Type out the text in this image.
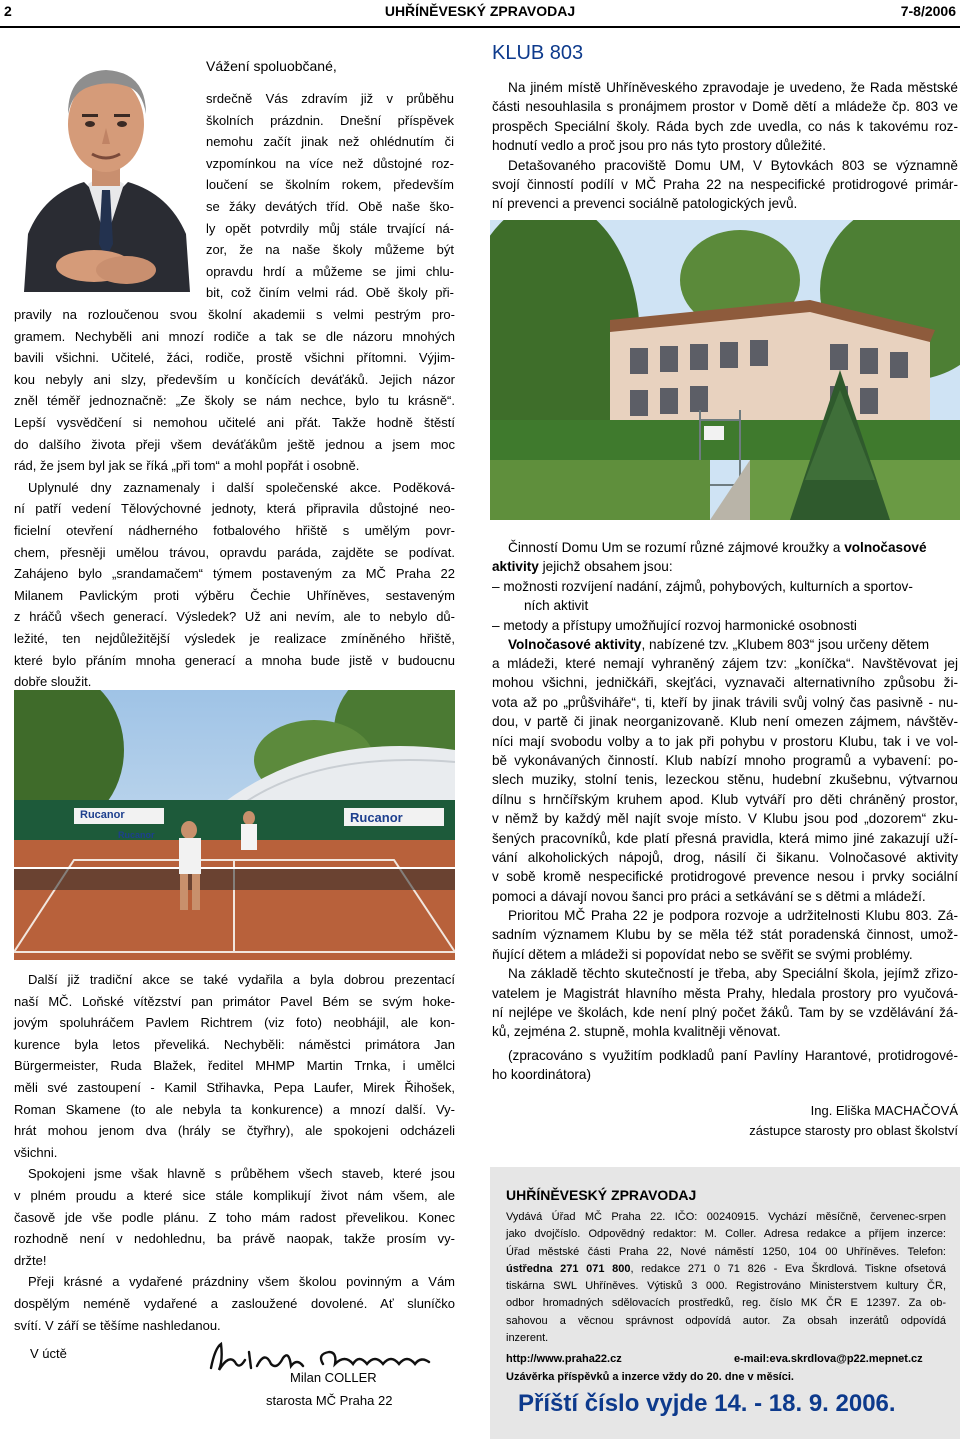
2	UHŘÍNĚVESKÝ ZPRAVODAJ	7-8/2006
Vážení spoluobčané,
srdečně Vás zdravím již v průběhu
školních prázdnin. Dnešní příspěvek
nemohu začít jinak než ohlédnutím či
vzpomínkou na více než důstojné roz-
loučení se školním rokem, především
se žáky devátých tříd. Obě naše ško-
ly opět potvrdily můj stále trvající ná-
zor, že na naše školy můžeme být
opravdu hrdí a můžeme se jimi chlu-
bit, což činím velmi rád. Obě školy při-
pravily na rozloučenou svou školní akademii s velmi pestrým pro-
gramem. Nechyběli ani mnozí rodiče a tak se dle názoru mnohých
bavili všichni. Učitelé, žáci, rodiče, prostě všichni přítomni. Výjim-
kou nebyly ani slzy, především u končících deváťáků. Jejich názor
zněl téměř jednoznačně: „Ze školy se nám nechce, bylo tu krásně“.
Lepší vysvědčení si nemohou učitelé ani přát. Takže hodně štěstí
do dalšího života přeji všem deváťákům ještě jednou a jsem moc
rád, že jsem byl jak se říká „při tom“ a mohl popřát i osobně.
Uplynulé dny zaznamenaly i další společenské akce. Poděková-
ní patří vedení Tělovýchovné jednoty, která připravila důstojné neo-
ficielní otevření nádherného fotbalového hřiště s umělým povr-
chem, přesněji umělou trávou, opravdu paráda, zajděte se podívat.
Zahájeno bylo „srandamačem“ týmem postaveným za MČ Praha 22
Milanem Pavlickým proti výběru Čechie Uhříněves, sestaveným
z hráčů všech generací. Výsledek? Už ani nevím, ale to nebylo dů-
ležité, ten nejdůležitější výsledek je realizace zmíněného hřiště,
které bylo přáním mnoha generací a mnoha bude jistě v budoucnu
dobře sloužit.
Rucanor	Rucanor
Rucanor
Další již tradiční akce se také vydařila a byla dobrou prezentací
naší MČ. Loňské vítězství pan primátor Pavel Bém se svým hoke-
jovým spoluhráčem Pavlem Richtrem (viz foto) neobhájil, ale kon-
kurence byla letos převeliká. Nechyběli: náměstci primátora Jan
Bürgermeister, Ruda Blažek, ředitel MHMP Martin Trnka, i umělci
měli své zastoupení - Kamil Střihavka, Pepa Laufer, Mirek Řihošek,
Roman Skamene (to ale nebyla ta konkurence) a mnozí další. Vy-
hrát mohou jenom dva (hrály se čtyřhry), ale spokojeni odcházeli
všichni.
Spokojeni jsme však hlavně s průběhem všech staveb, které jsou
v plném proudu a které sice stále komplikují život nám všem, ale
časově jde vše podle plánu. Z toho mám radost převelikou. Konec
rozhodně není v nedohlednu, ba právě naopak, takže prosím vy-
držte!
Přeji krásné a vydařené prázdniny všem školou povinným a Vám
dospělým neméně vydařené a zasloužené dovolené. Ať sluníčko
svítí. V září se těšíme nashledanou.
V úctě
Milan COLLER
starosta MČ Praha 22
KLUB 803
Na jiném místě Uhříněveského zpravodaje je uvedeno, že Rada městské
části nesouhlasila s pronájmem prostor v Domě dětí a mládeže čp. 803 ve
prospěch Speciální školy. Ráda bych zde uvedla, co nás k takovému roz-
hodnutí vedlo a proč jsou pro nás tyto prostory důležité.
Detašovaného pracoviště Domu UM, V Bytovkách 803 se významně
svojí činností podílí v MČ Praha 22 na nespecifické protidrogové primár-
ní prevenci a prevenci sociálně patologických jevů.
Činností Domu Um se rozumí různé zájmové kroužky a volnočasové
aktivity jejichž obsahem jsou:
– možnosti rozvíjení nadání, zájmů, pohybových, kulturních a sportov-
ních aktivit
– metody a přístupy umožňující rozvoj harmonické osobnosti
Volnočasové aktivity, nabízené tzv. „Klubem 803“ jsou určeny dětem
a mládeži, které nemají vyhraněný zájem tzv: „koníčka“. Navštěvovat jej
mohou všichni, jedničkáři, skejťáci, vyznavači alternativního způsobu ži-
vota až po „průšviháře“, ti, kteří by jinak trávili svůj volný čas pasivně - nu-
dou, v partě či jinak neorganizovaně. Klub není omezen zájmem, návštěv-
níci mají svobodu volby a to jak při pohybu v prostoru Klubu, tak i ve vol-
bě vykonávaných činností. Klub nabízí mnoho programů a vybavení: po-
slech muziky, stolní tenis, lezeckou stěnu, hudební zkušebnu, výtvarnou
dílnu s hrnčířským kruhem apod. Klub vytváří pro děti chráněný prostor,
v němž by každý měl najít svoje místo. V Klubu jsou pod „dozorem“ zku-
šených pracovníků, kde platí přesná pravidla, která mimo jiné zakazují uží-
vání alkoholických nápojů, drog, násilí či šikanu. Volnočasové aktivity
v sobě kromě nespecifické protidrogové prevence nesou i prvky sociální
pomoci a dávají novou šanci pro práci a setkávání se s dětmi a mládeží.
Prioritou MČ Praha 22 je podpora rozvoje a udržitelnosti Klubu 803. Zá-
sadním významem Klubu by se měla též stát poradenská činnost, umož-
ňující dětem a mládeži si popovídat nebo se svěřit se svými problémy.
Na základě těchto skutečností je třeba, aby Speciální škola, jejímž zřizo-
vatelem je Magistrát hlavního města Prahy, hledala prostory pro vyučová-
ní nejlépe ve školách, kde není plný počet žáků. Tam by se vzdělávání žá-
ků, zejména 2. stupně, mohla kvalitněji věnovat.
(zpracováno s využitím podkladů paní Pavlíny Harantové, protidrogové-
ho koordinátora)
Ing. Eliška MACHAČOVÁ
zástupce starosty pro oblast školství
UHŘÍNĚVESKÝ ZPRAVODAJ
Vydává Úřad MČ Praha 22. IČO: 00240915. Vychází měsíčně, červenec-srpen
jako dvojčíslo. Odpovědný redaktor: M. Coller. Adresa redakce a příjem inzerce:
Úřad městské části Praha 22, Nové náměstí 1250, 104 00 Uhříněves. Telefon:
ústředna 271 071 800, redakce 271 0 71 826 - Eva Škrdlová. Tiskne ofsetová
tiskárna SWL Uhříněves. Výtisků 3 000. Registrováno Ministerstvem kultury ČR,
odbor hromadných sdělovacích prostředků, reg. číslo MK ČR E 12397. Za ob-
sahovou a věcnou správnost odpovídá autor. Za obsah inzerátů odpovídá
inzerent.
http://www.praha22.cz	e-mail:eva.skrdlova@p22.mepnet.cz
Uzávěrka příspěvků a inzerce vždy do 20. dne v měsíci.
Příští číslo vyjde 14. - 18. 9. 2006.
